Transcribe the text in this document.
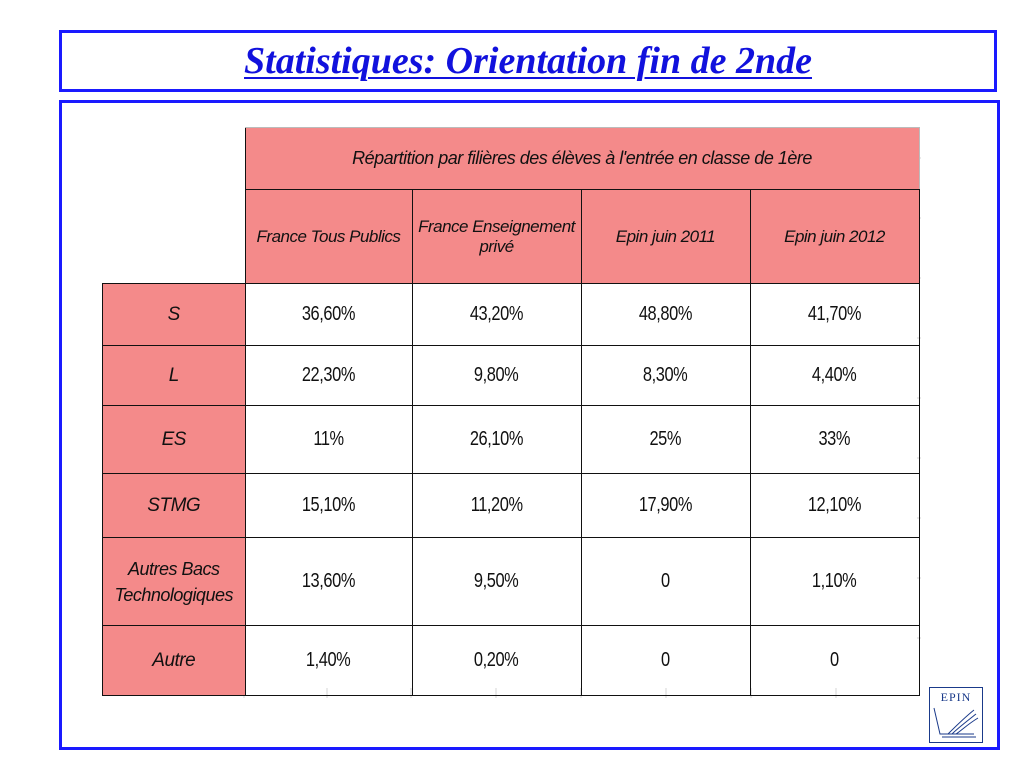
Statistiques: Orientation fin de 2nde
	Répartition par filières des élèves à l'entrée en classe de 1ère			
	France Tous Publics	France Enseignement privé	Epin juin 2011	Epin juin 2012
S	36,60%	43,20%	48,80%	41,70%
L	22,30%	9,80%	8,30%	4,40%
ES	11%	26,10%	25%	33%
STMG	15,10%	11,20%	17,90%	12,10%
Autres Bacs Technologiques	13,60%	9,50%	0	1,10%
Autre	1,40%	0,20%	0	0
EPIN
